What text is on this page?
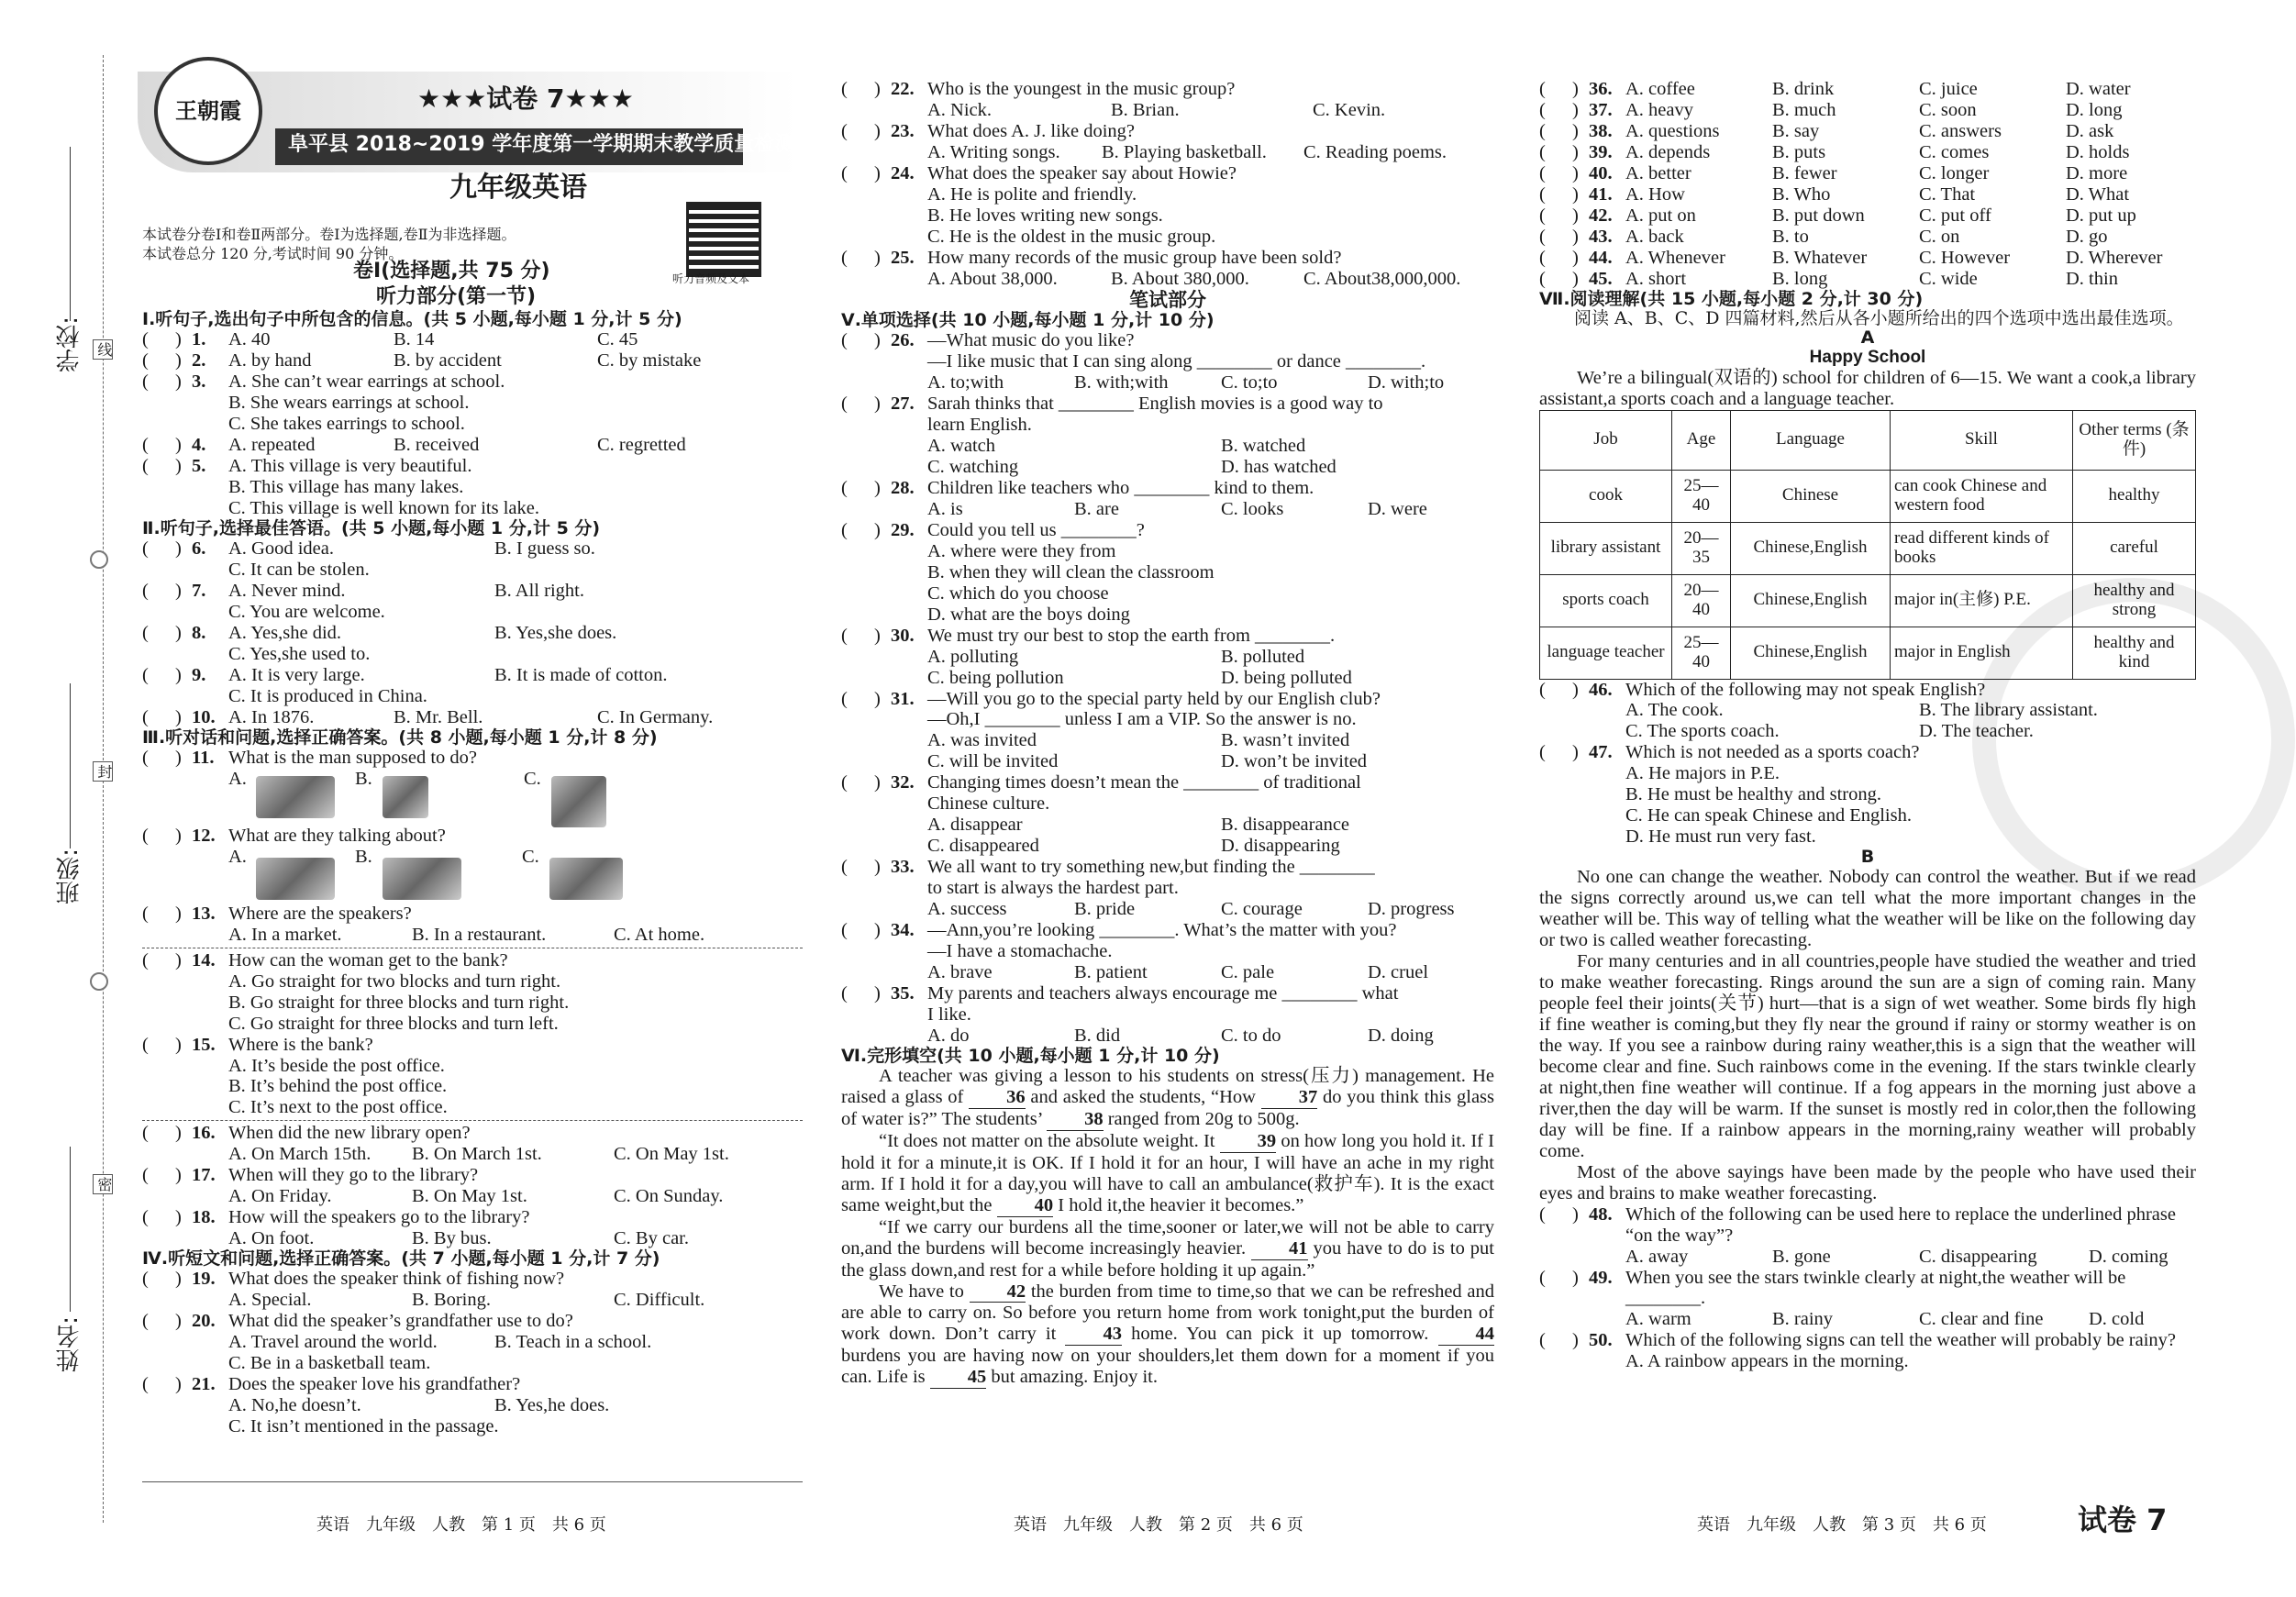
学校:
班级:
姓名:
线
封
密
王朝霞	★★★试卷 7★★★
阜平县 2018~2019 学年度第一学期期末教学质量检测试卷
九年级英语
本试卷分卷Ⅰ和卷Ⅱ两部分。卷Ⅰ为选择题,卷Ⅱ为非选择题。
本试卷总分 120 分,考试时间 90 分钟。
听力音频及文本
卷Ⅰ(选择题,共 75 分)
听力部分(第一节)
Ⅰ.听句子,选出句子中所包含的信息。(共 5 小题,每小题 1 分,计 5 分)
(	) 1.	A. 40	B. 14	C. 45
(	) 2.	A. by hand	B. by accident	C. by mistake
(	) 3.	A. She can’t wear earrings at school.
B. She wears earrings at school.
C. She takes earrings to school.
(	) 4.	A. repeated	B. received	C. regretted
(	) 5.	A. This village is very beautiful.
B. This village has many lakes.
C. This village is well known for its lake.
Ⅱ.听句子,选择最佳答语。(共 5 小题,每小题 1 分,计 5 分)
(	) 6.	A. Good idea.	B. I guess so.
C. It can be stolen.
(	) 7.	A. Never mind.	B. All right.
C. You are welcome.
(	) 8.	A. Yes,she did.	B. Yes,she does.
C. Yes,she used to.
(	) 9.	A. It is very large.	B. It is made of cotton.
C. It is produced in China.
(	) 10. A. In 1876.	B. Mr. Bell.	C. In Germany.
Ⅲ.听对话和问题,选择正确答案。(共 8 小题,每小题 1 分,计 8 分)
(	) 11. What is the man supposed to do?
A.	B.	C.
(	) 12. What are they talking about?
A.	B.	C.
(	) 13. Where are the speakers?
A. In a market.	B. In a restaurant.	C. At home.
(	) 14. How can the woman get to the bank?
A. Go straight for two blocks and turn right.
B. Go straight for three blocks and turn right.
C. Go straight for three blocks and turn left.
(	) 15. Where is the bank?
A. It’s beside the post office.
B. It’s behind the post office.
C. It’s next to the post office.
(	) 16. When did the new library open?
A. On March 15th.	B. On March 1st.	C. On May 1st.
(	) 17. When will they go to the library?
A. On Friday.	B. On May 1st.	C. On Sunday.
(	) 18. How will the speakers go to the library?
A. On foot.	B. By bus.	C. By car.
Ⅳ.听短文和问题,选择正确答案。(共 7 小题,每小题 1 分,计 7 分)
(	) 19. What does the speaker think of fishing now?
A. Special.	B. Boring.	C. Difficult.
(	) 20. What did the speaker’s grandfather use to do?
A. Travel around the world.	B. Teach in a school.
C. Be in a basketball team.
(	) 21. Does the speaker love his grandfather?
A. No,he doesn’t.	B. Yes,he does.
C. It isn’t mentioned in the passage.
英语　九年级　人教　第 1 页　共 6 页
(	) 22. Who is the youngest in the music group?
A. Nick.	B. Brian.	C. Kevin.
(	) 23. What does A. J. like doing?
A. Writing songs.	B. Playing basketball.	C. Reading poems.
(	) 24. What does the speaker say about Howie?
A. He is polite and friendly.
B. He loves writing new songs.
C. He is the oldest in the music group.
(	) 25. How many records of the music group have been sold?
A. About 38,000.	B. About 380,000.	C. About38,000,000.
笔试部分
Ⅴ.单项选择(共 10 小题,每小题 1 分,计 10 分)
(	) 26. —What music do you like?
—I like music that I can sing along ________ or dance ________.
A. to;with	B. with;with	C. to;to	D. with;to
(	) 27. Sarah thinks that ________ English movies is a good way to
learn English.
A. watch	B. watched
C. watching	D. has watched
(	) 28. Children like teachers who ________ kind to them.
A. is	B. are	C. looks	D. were
(	) 29. Could you tell us ________?
A. where were they from
B. when they will clean the classroom
C. which do you choose
D. what are the boys doing
(	) 30. We must try our best to stop the earth from ________.
A. polluting	B. polluted
C. being pollution	D. being polluted
(	) 31. —Will you go to the special party held by our English club?
—Oh,I ________ unless I am a VIP. So the answer is no.
A. was invited	B. wasn’t invited
C. will be invited	D. won’t be invited
(	) 32. Changing times doesn’t mean the ________ of traditional
Chinese culture.
A. disappear	B. disappearance
C. disappeared	D. disappearing
(	) 33. We all want to try something new,but finding the ________
to start is always the hardest part.
A. success	B. pride	C. courage	D. progress
(	) 34. —Ann,you’re looking ________. What’s the matter with you?
—I have a stomachache.
A. brave	B. patient	C. pale	D. cruel
(	) 35. My parents and teachers always encourage me ________ what
I like.
A. do	B. did	C. to do	D. doing
Ⅵ.完形填空(共 10 小题,每小题 1 分,计 10 分)
A teacher was giving a lesson to his students on stress(压力) management. He raised a glass of 36 and asked the students, “How 37 do you think this glass of water is?” The students’ 38 ranged from 20g to 500g.
“It does not matter on the absolute weight. It 39 on how long you hold it. If I hold it for a minute,it is OK. If I hold it for an hour, I will have an ache in my right arm. If I hold it for a day,you will have to call an ambulance(救护车). It is the exact same weight,but the 40 I hold it,the heavier it becomes.”
“If we carry our burdens all the time,sooner or later,we will not be able to carry on,and the burdens will become increasingly heavier. 41 you have to do is to put the glass down,and rest for a while before holding it up again.”
We have to 42 the burden from time to time,so that we can be refreshed and are able to carry on. So before you return home from work tonight,put the burden of work down. Don’t carry it 43 home. You can pick it up tomorrow. 44 burdens you are having now on your shoulders,let them down for a moment if you can. Life is 45 but amazing. Enjoy it.
英语　九年级　人教　第 2 页　共 6 页
(	) 36. A. coffee	B. drink	C. juice	D. water
(	) 37. A. heavy	B. much	C. soon	D. long
(	) 38. A. questions	B. say	C. answers	D. ask
(	) 39. A. depends	B. puts	C. comes	D. holds
(	) 40. A. better	B. fewer	C. longer	D. more
(	) 41. A. How	B. Who	C. That	D. What
(	) 42. A. put on	B. put down	C. put off	D. put up
(	) 43. A. back	B. to	C. on	D. go
(	) 44. A. Whenever	B. Whatever	C. However	D. Wherever
(	) 45. A. short	B. long	C. wide	D. thin
Ⅶ.阅读理解(共 15 小题,每小题 2 分,计 30 分)
阅读 A、B、C、D 四篇材料,然后从各小题所给出的四个选项中选出最佳选项。
A
Happy School
We’re a bilingual(双语的) school for children of 6—15. We want a cook,a library assistant,a sports coach and a language teacher.
Job	Age	Language	Skill	Other terms (条件)
cook	25—40	Chinese	can cook Chinese and western food	healthy
library assistant	20—35	Chinese,English	read different kinds of books	careful
sports coach	20—40	Chinese,English	major in(主修) P.E.	healthy and strong
language teacher	25—40	Chinese,English	major in English	healthy and kind
(	) 46. Which of the following may not speak English?
A. The cook.	B. The library assistant.
C. The sports coach.	D. The teacher.
(	) 47. Which is not needed as a sports coach?
A. He majors in P.E.
B. He must be healthy and strong.
C. He can speak Chinese and English.
D. He must run very fast.
B
No one can change the weather. Nobody can control the weather. But if we read the signs correctly around us,we can tell what the more important changes in the weather will be. This way of telling what the weather will be like on the following day or two is called weather forecasting.
For many centuries and in all countries,people have studied the weather and tried to make weather forecasting. Rings around the sun are a sign of coming rain. Many people feel their joints(关节) hurt—that is a sign of wet weather. Some birds fly high if fine weather is coming,but they fly near the ground if rainy or stormy weather is on the way. If you see a rainbow during rainy weather,this is a sign that the weather will become clear and fine. Such rainbows come in the evening. If the stars twinkle clearly at night,then fine weather will continue. If a fog appears in the morning just above a river,then the day will be warm. If the sunset is mostly red in color,then the following day will be fine. If a rainbow appears in the morning,rainy weather will probably come.
Most of the above sayings have been made by the people who have used their eyes and brains to make weather forecasting.
(	) 48. Which of the following can be used here to replace the underlined phrase “on the way”?
A. away	B. gone	C. disappearing	D. coming
(	) 49. When you see the stars twinkle clearly at night,the weather will be ________.
A. warm	B. rainy	C. clear and fine	D. cold
(	) 50. Which of the following signs can tell the weather will probably be rainy?
A. A rainbow appears in the morning.
英语　九年级　人教　第 3 页　共 6 页	试卷 7
